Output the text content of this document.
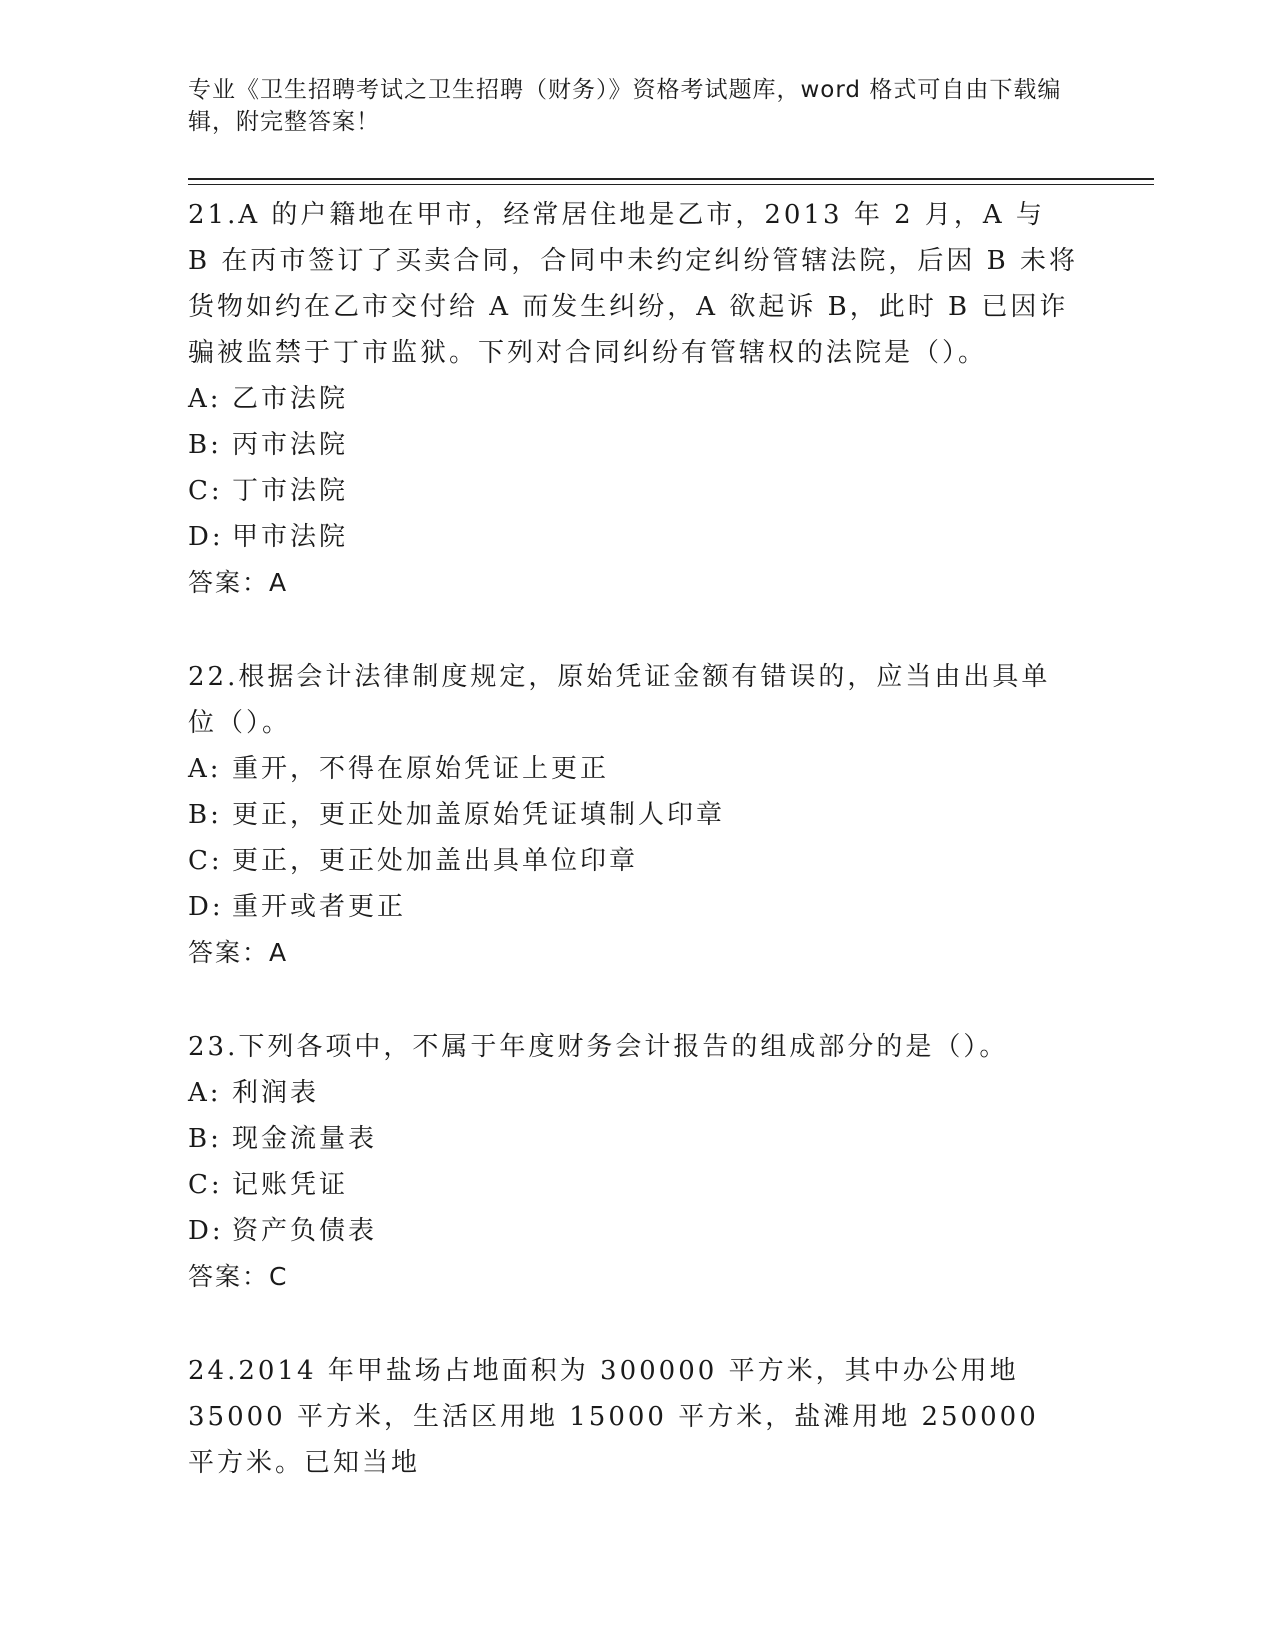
专业《卫生招聘考试之卫生招聘（财务）》资格考试题库，word 格式可自由下载编辑，附完整答案！

21.A 的户籍地在甲市，经常居住地是乙市，2013 年 2 月，A 与 B 在丙市签订了买卖合同，合同中未约定纠纷管辖法院，后因 B 未将货物如约在乙市交付给 A 而发生纠纷，A 欲起诉 B，此时 B 已因诈骗被监禁于丁市监狱。下列对合同纠纷有管辖权的法院是（）。

A: 乙市法院

B: 丙市法院

C: 丁市法院

D: 甲市法院

答案：A

22.根据会计法律制度规定，原始凭证金额有错误的，应当由出具单位（）。

A: 重开，不得在原始凭证上更正

B: 更正，更正处加盖原始凭证填制人印章

C: 更正，更正处加盖出具单位印章

D: 重开或者更正

答案：A

23.下列各项中，不属于年度财务会计报告的组成部分的是（）。

A: 利润表

B: 现金流量表

C: 记账凭证

D: 资产负债表

答案：C

24.2014 年甲盐场占地面积为 300000 平方米，其中办公用地 35000 平方米，生活区用地 15000 平方米，盐滩用地 250000 平方米。已知当地
